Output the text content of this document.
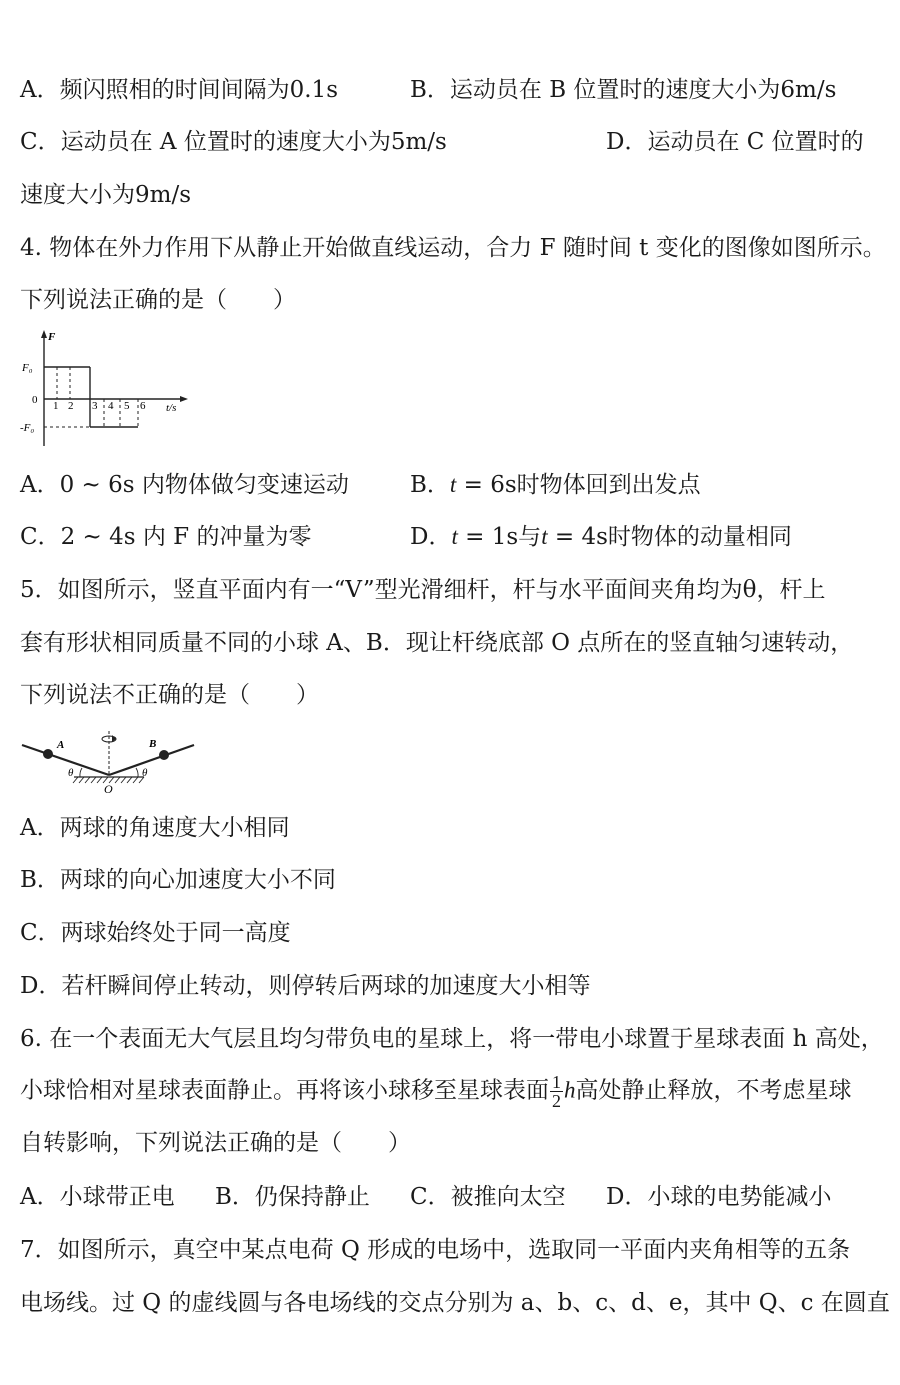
A．频闪照相的时间间隔为0.1s	B．运动员在 B 位置时的速度大小为6m/s
C．运动员在 A 位置时的速度大小为5m/s	D．运动员在 C 位置时的
速度大小为9m/s
4. 物体在外力作用下从静止开始做直线运动，合力 F 随时间 t 变化的图像如图所示。
下列说法正确的是（　　）
F
F₀
0
-F₀
1 2 3 4 5 6 t/s
A．0 ~ 6s 内物体做匀变速运动	B．t = 6s时物体回到出发点
C．2 ~ 4s 内 F 的冲量为零	D．t = 1s与t = 4s时物体的动量相同
5．如图所示，竖直平面内有一“V”型光滑细杆，杆与水平面间夹角均为θ，杆上
套有形状相同质量不同的小球 A、B．现让杆绕底部 O 点所在的竖直轴匀速转动，
下列说法不正确的是（　　）
A	B
θ	θ
O
A．两球的角速度大小相同
B．两球的向心加速度大小不同
C．两球始终处于同一高度
D．若杆瞬间停止转动，则停转后两球的加速度大小相等
6. 在一个表面无大气层且均匀带负电的星球上，将一带电小球置于星球表面 h 高处，
小球恰相对星球表面静止。再将该小球移至星球表面 $\frac{1}{2}$ h高处静止释放，不考虑星球
自转影响，下列说法正确的是（　　）
A．小球带正电 B．仍保持静止 C．被推向太空 D．小球的电势能减小
7．如图所示，真空中某点电荷 Q 形成的电场中，选取同一平面内夹角相等的五条
电场线。过 Q 的虚线圆与各电场线的交点分别为 a、b、c、d、e，其中 Q、c 在圆直
